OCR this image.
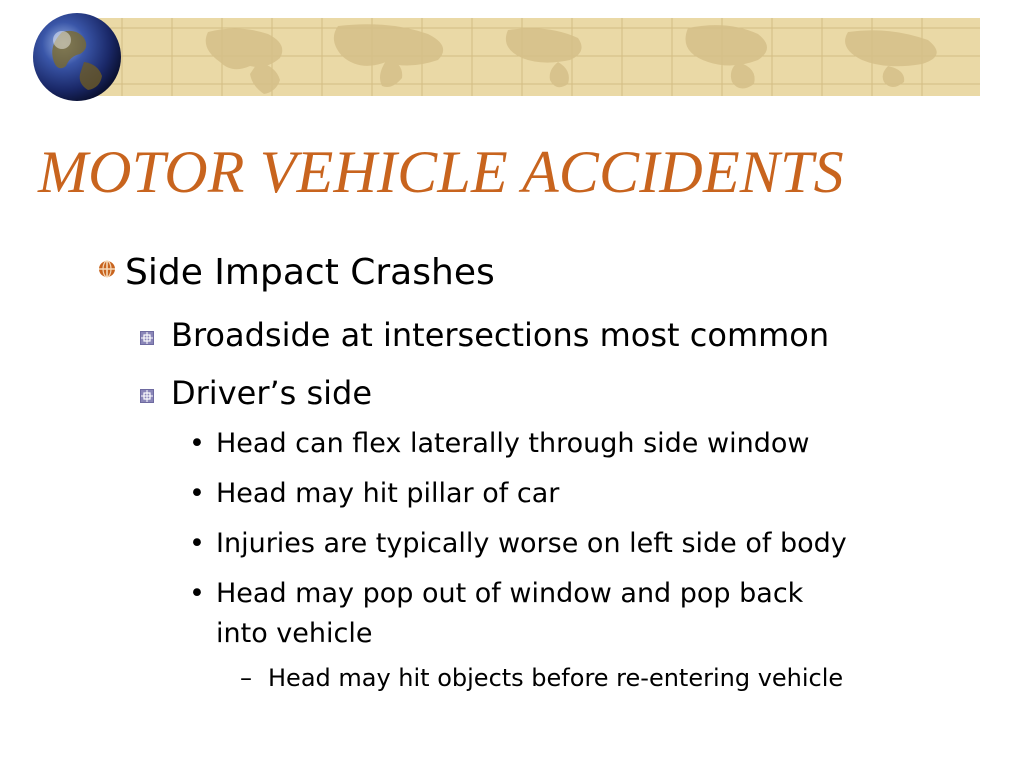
MOTOR VEHICLE ACCIDENTS
Side Impact Crashes
Broadside at intersections most common
Driver’s side
• Head can flex laterally through side window
• Head may hit pillar of car
• Injuries are typically worse on left side of body
• Head may pop out of window and pop back
into vehicle
– Head may hit objects before re-entering vehicle
